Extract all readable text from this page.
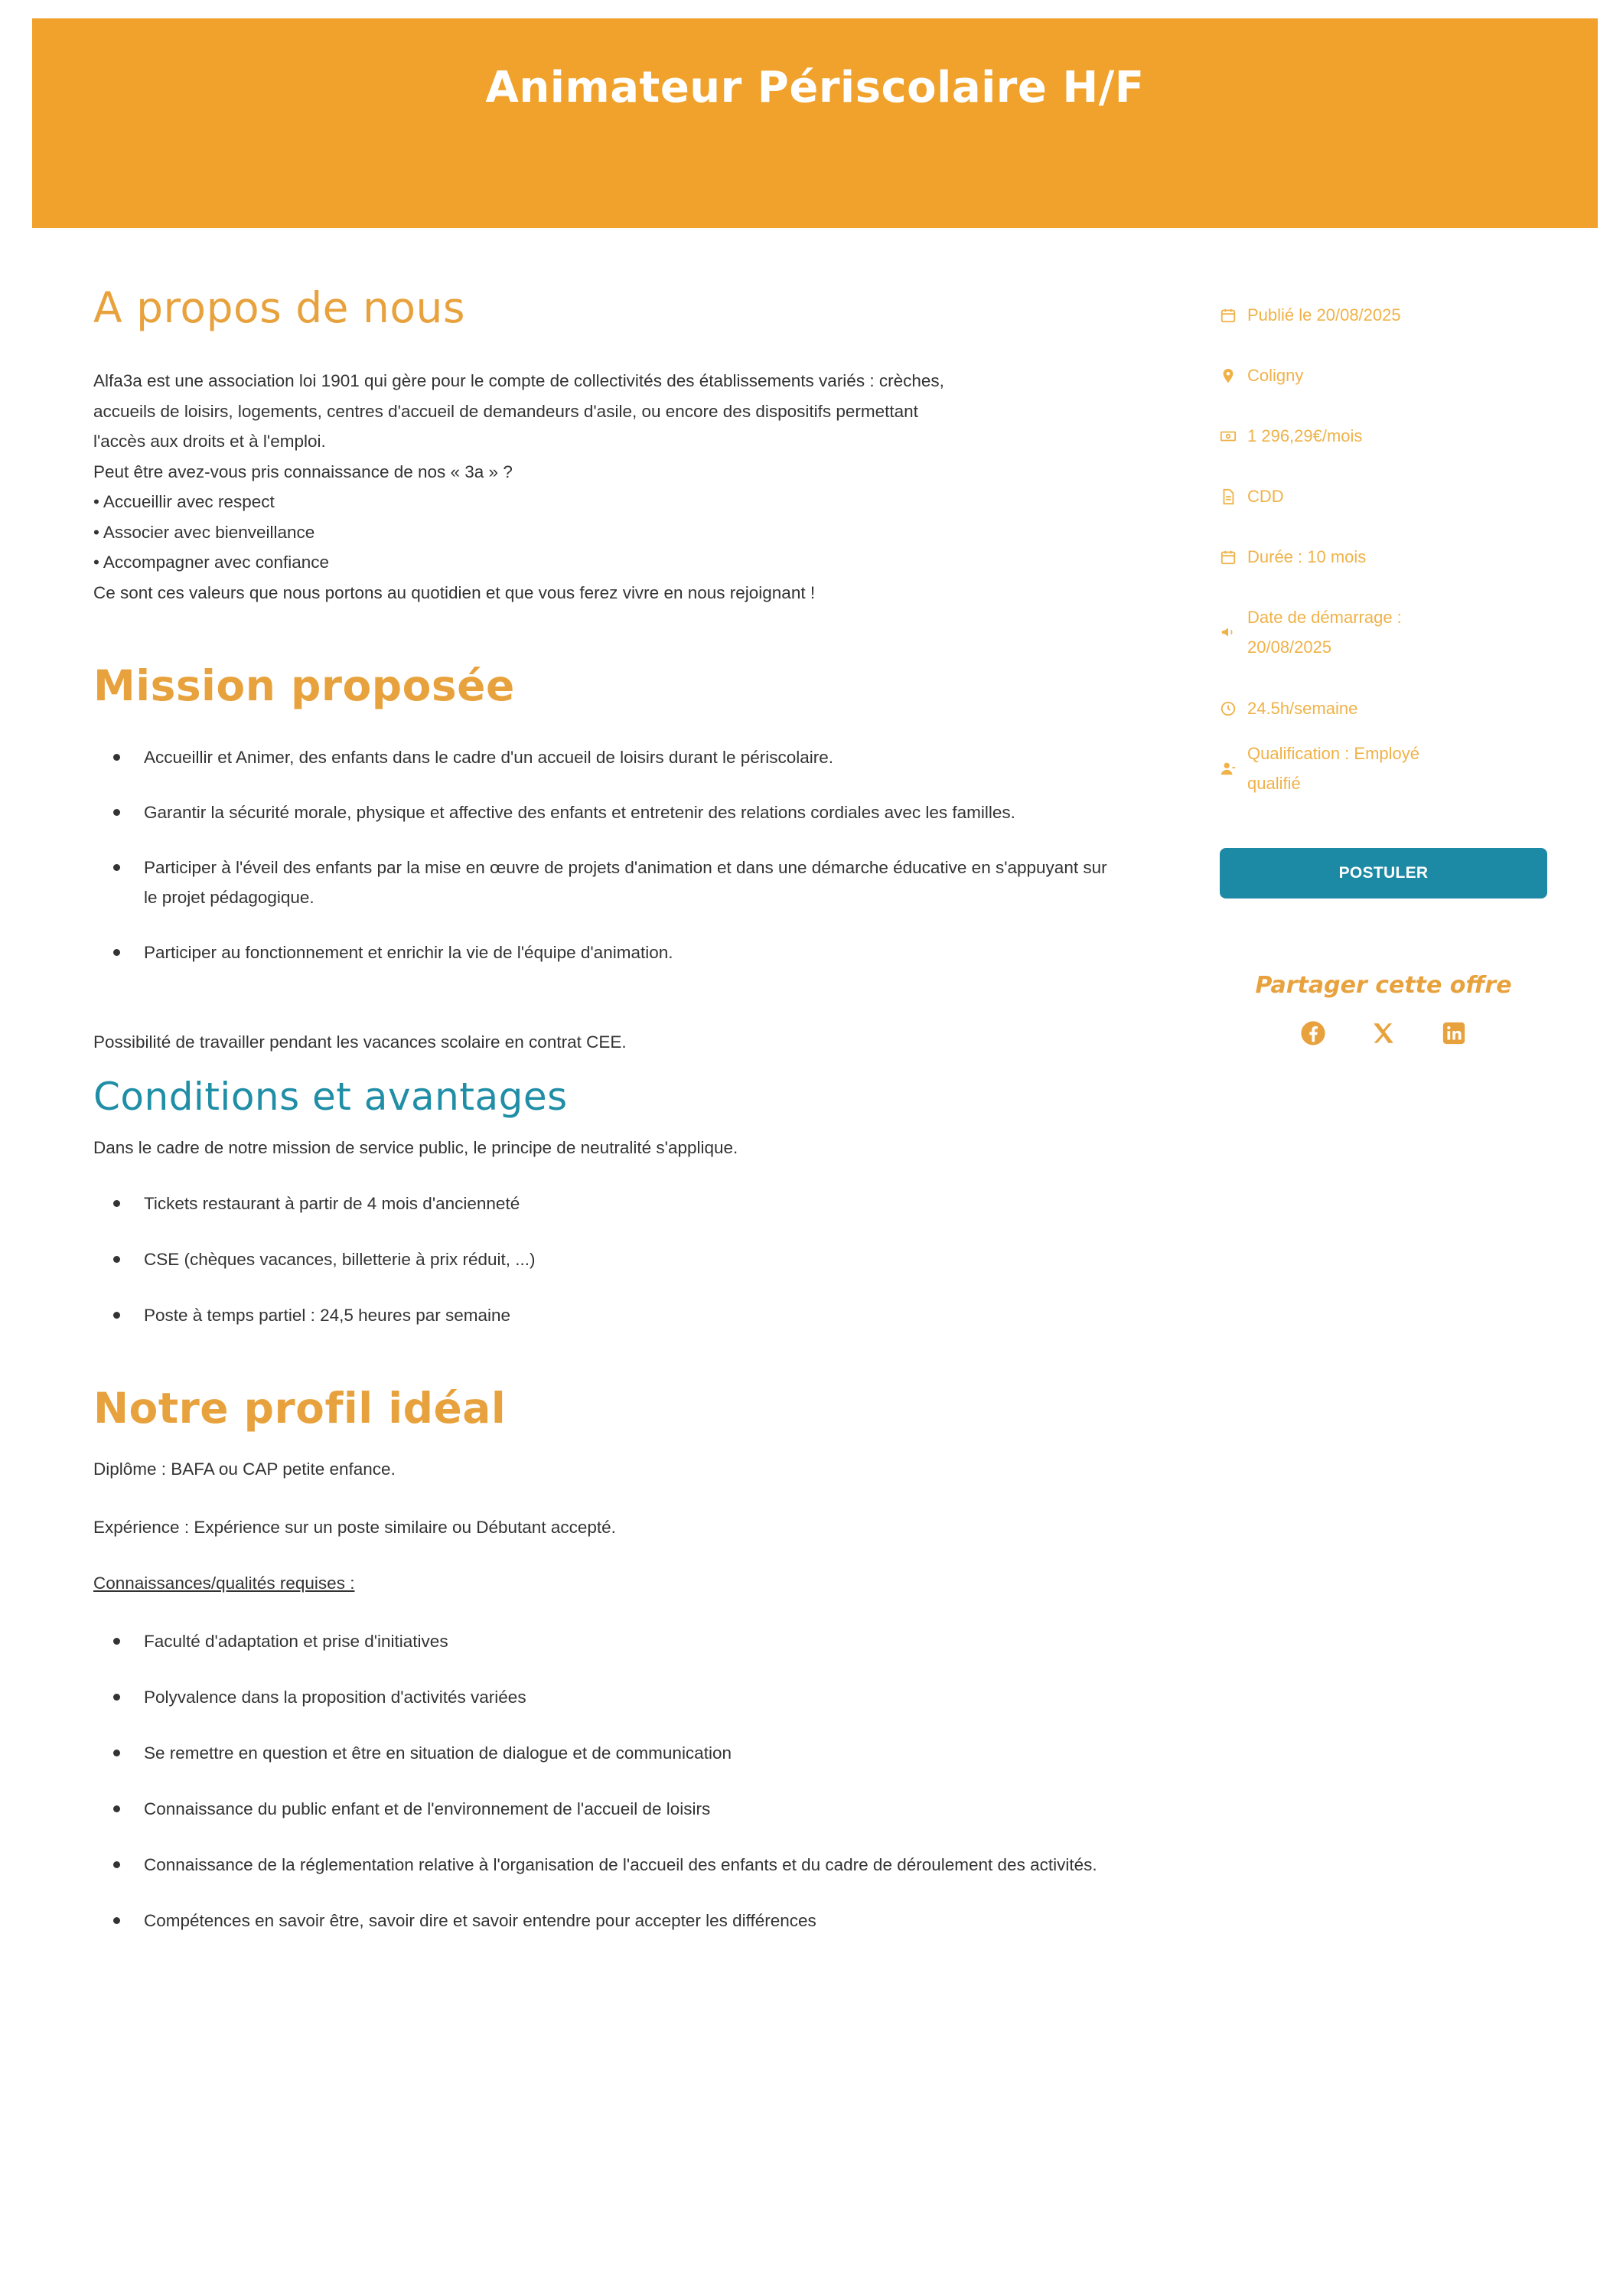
Animateur Périscolaire H/F
A propos de nous
Alfa3a est une association loi 1901 qui gère pour le compte de collectivités des établissements variés : crèches,
accueils de loisirs, logements, centres d'accueil de demandeurs d'asile, ou encore des dispositifs permettant
l'accès aux droits et à l'emploi.
Peut être avez-vous pris connaissance de nos « 3a » ?
• Accueillir avec respect
• Associer avec bienveillance
• Accompagner avec confiance
Ce sont ces valeurs que nous portons au quotidien et que vous ferez vivre en nous rejoignant !
Mission proposée
Accueillir et Animer, des enfants dans le cadre d'un accueil de loisirs durant le périscolaire.
Garantir la sécurité morale, physique et affective des enfants et entretenir des relations cordiales avec les familles.
Participer à l'éveil des enfants par la mise en œuvre de projets d'animation et dans une démarche éducative en s'appuyant sur le projet pédagogique.
Participer au fonctionnement et enrichir la vie de l'équipe d'animation.
Possibilité de travailler pendant les vacances scolaire en contrat CEE.
Conditions et avantages
Dans le cadre de notre mission de service public, le principe de neutralité s'applique.
Tickets restaurant à partir de 4 mois d'ancienneté
CSE (chèques vacances, billetterie à prix réduit, ...)
Poste à temps partiel : 24,5 heures par semaine
Notre profil idéal
Diplôme : BAFA ou CAP petite enfance.
Expérience : Expérience sur un poste similaire ou Débutant accepté.
Connaissances/qualités requises :
Faculté d'adaptation et prise d'initiatives
Polyvalence dans la proposition d'activités variées
Se remettre en question et être en situation de dialogue et de communication
Connaissance du public enfant et de l'environnement de l'accueil de loisirs
Connaissance de la réglementation relative à l'organisation de l'accueil des enfants et du cadre de déroulement des activités.
Compétences en savoir être, savoir dire et savoir entendre pour accepter les différences
Publié le 20/08/2025
Coligny
1 296,29€/mois
CDD
Durée : 10 mois
Date de démarrage :
20/08/2025
24.5h/semaine
Qualification : Employé
qualifié
POSTULER
Partager cette offre
